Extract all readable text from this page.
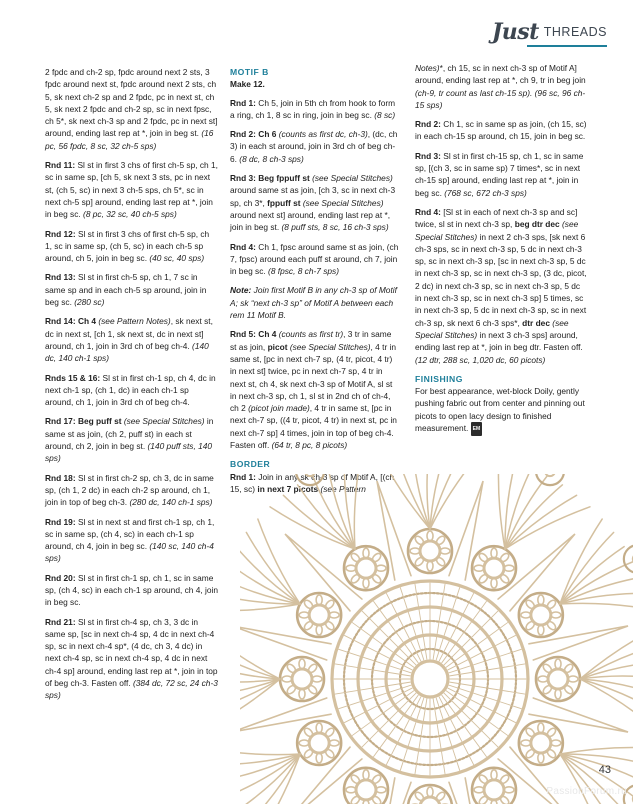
Just THREADS

2 fpdc and ch-2 sp, fpdc around next 2 sts, 3 fpdc around next st, fpdc around next 2 sts, ch 5, sk next ch-2 sp and 2 fpdc, pc in next st, ch 5, sk next 2 fpdc and ch-2 sp, sc in next fpsc, ch 5*, sk next ch-3 sp and 2 fpdc, pc in next st] around, ending last rep at *, join in beg st. (16 pc, 56 fpdc, 8 sc, 32 ch-5 sps)

Rnd 11: Sl st in first 3 chs of first ch-5 sp, ch 1, sc in same sp, [ch 5, sk next 3 sts, pc in next st, (ch 5, sc) in next 3 ch-5 sps, ch 5*, sc in next ch-5 sp] around, ending last rep at *, join in beg sc. (8 pc, 32 sc, 40 ch-5 sps)

Rnd 12: Sl st in first 3 chs of first ch-5 sp, ch 1, sc in same sp, (ch 5, sc) in each ch-5 sp around, ch 5, join in beg sc. (40 sc, 40 sps)

Rnd 13: Sl st in first ch-5 sp, ch 1, 7 sc in same sp and in each ch-5 sp around, join in beg sc. (280 sc)

Rnd 14: Ch 4 (see Pattern Notes), sk next st, dc in next st, [ch 1, sk next st, dc in next st] around, ch 1, join in 3rd ch of beg ch-4. (140 dc, 140 ch-1 sps)

Rnds 15 & 16: Sl st in first ch-1 sp, ch 4, dc in next ch-1 sp, (ch 1, dc) in each ch-1 sp around, ch 1, join in 3rd ch of beg ch-4.

Rnd 17: Beg puff st (see Special Stitches) in same st as join, (ch 2, puff st) in each st around, ch 2, join in beg st. (140 puff sts, 140 sps)

Rnd 18: Sl st in first ch-2 sp, ch 3, dc in same sp, (ch 1, 2 dc) in each ch-2 sp around, ch 1, join in top of beg ch-3. (280 dc, 140 ch-1 sps)

Rnd 19: Sl st in next st and first ch-1 sp, ch 1, sc in same sp, (ch 4, sc) in each ch-1 sp around, ch 4, join in beg sc. (140 sc, 140 ch-4 sps)

Rnd 20: Sl st in first ch-1 sp, ch 1, sc in same sp, (ch 4, sc) in each ch-1 sp around, ch 4, join in beg sc.

Rnd 21: Sl st in first ch-4 sp, ch 3, 3 dc in same sp, [sc in next ch-4 sp, 4 dc in next ch-4 sp, sc in next ch-4 sp*, (4 dc, ch 3, 4 dc) in next ch-4 sp, sc in next ch-4 sp, 4 dc in next ch-4 sp] around, ending last rep at *, join in top of beg ch-3. Fasten off. (384 dc, 72 sc, 24 ch-3 sps)

MOTIF B
Make 12.

Rnd 1: Ch 5, join in 5th ch from hook to form a ring, ch 1, 8 sc in ring, join in beg sc. (8 sc)

Rnd 2: Ch 6 (counts as first dc, ch-3), (dc, ch 3) in each st around, join in 3rd ch of beg ch-6. (8 dc, 8 ch-3 sps)

Rnd 3: Beg fppuff st (see Special Stitches) around same st as join, [ch 3, sc in next ch-3 sp, ch 3*, fppuff st (see Special Stitches) around next st] around, ending last rep at *, join in beg st. (8 puff sts, 8 sc, 16 ch-3 sps)

Rnd 4: Ch 1, fpsc around same st as join, (ch 7, fpsc) around each puff st around, ch 7, join in beg sc. (8 fpsc, 8 ch-7 sps)

Note: Join first Motif B in any ch-3 sp of Motif A; sk “next ch-3 sp” of Motif A between each rem 11 Motif B.

Rnd 5: Ch 4 (counts as first tr), 3 tr in same st as join, picot (see Special Stitches), 4 tr in same st, [pc in next ch-7 sp, (4 tr, picot, 4 tr) in next st] twice, pc in next ch-7 sp, 4 tr in next st, ch 4, sk next ch-3 sp of Motif A, sl st in next ch-3 sp, ch 1, sl st in 2nd ch of ch-4, ch 2 (picot join made), 4 tr in same st, [pc in next ch-7 sp, ((4 tr, picot, 4 tr) in next st, pc in next ch-7 sp] 4 times, join in top of beg ch-4. Fasten off. (64 tr, 8 pc, 8 picots)

BORDER

Rnd 1: Join in any sk ch-3 sp of Motif A, [(ch 15, sc) in next 7 picots (see Pattern

Notes)*, ch 15, sc in next ch-3 sp of Motif A] around, ending last rep at *, ch 9, tr in beg join (ch-9, tr count as last ch-15 sp). (96 sc, 96 ch-15 sps)

Rnd 2: Ch 1, sc in same sp as join, (ch 15, sc) in each ch-15 sp around, ch 15, join in beg sc.

Rnd 3: Sl st in first ch-15 sp, ch 1, sc in same sp, [(ch 3, sc in same sp) 7 times*, sc in next ch-15 sp] around, ending last rep at *, join in beg sc. (768 sc, 672 ch-3 sps)

Rnd 4: [Sl st in each of next ch-3 sp and sc] twice, sl st in next ch-3 sp, beg dtr dec (see Special Stitches) in next 2 ch-3 sps, [sk next 6 ch-3 sps, sc in next ch-3 sp, 5 dc in next ch-3 sp, sc in next ch-3 sp, [sc in next ch-3 sp, 5 dc in next ch-3 sp, sc in next ch-3 sp, (3 dc, picot, 2 dc) in next ch-3 sp, sc in next ch-3 sp, 5 dc in next ch-3 sp, sc in next ch-3 sp] 5 times, sc in next ch-3 sp, 5 dc in next ch-3 sp, sc in next ch-3 sp, sk next 6 ch-3 sps*, dtr dec (see Special Stitches) in next 3 ch-3 sps] around, ending last rep at *, join in beg dtr. Fasten off. (12 dtr, 288 sc, 1,020 dc, 60 picots)

FINISHING

For best appearance, wet-block Doily, gently pushing fabric out from center and pinning out picots to open lacy design to finished measurement. EM

43
PassionForum.ru
